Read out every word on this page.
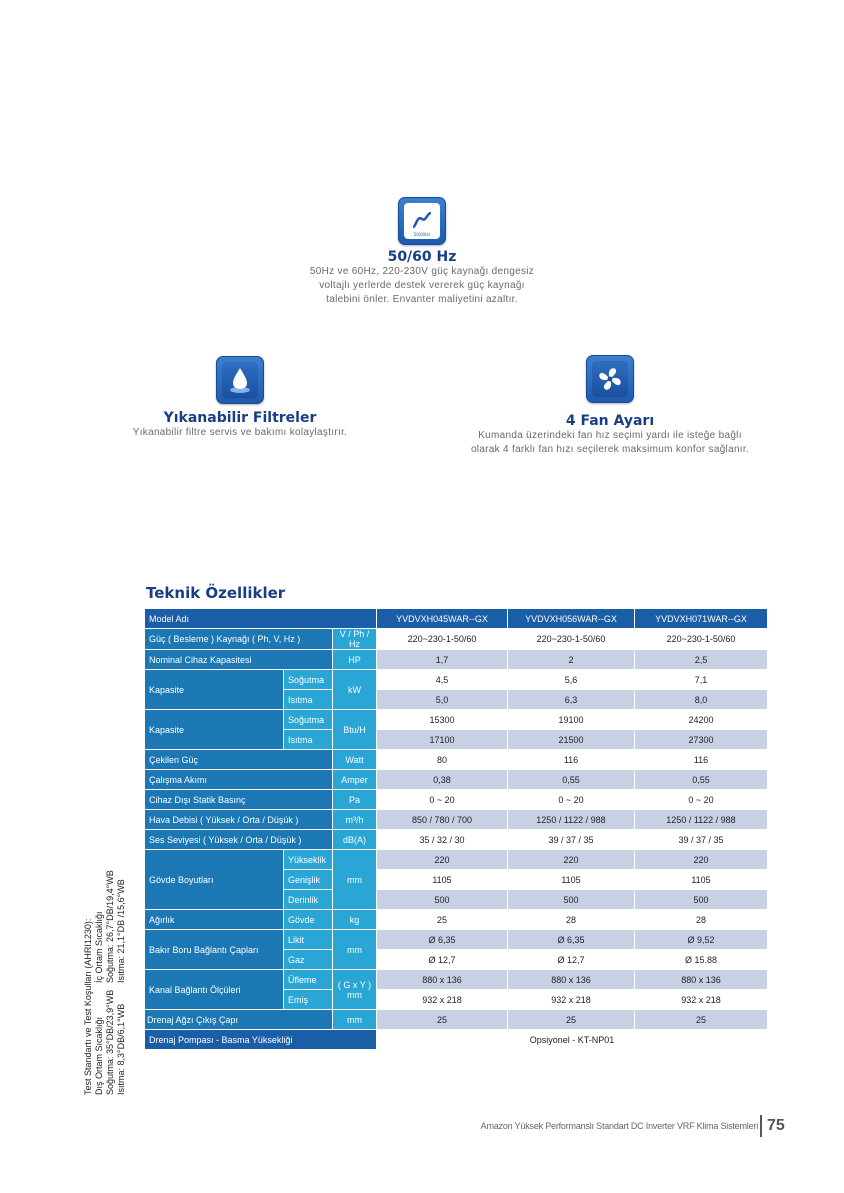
50/60Hz
50/60 Hz
50Hz ve 60Hz, 220-230V güç kaynağı dengesiz
voltajlı yerlerde destek vererek güç kaynağı
talebini önler. Envanter maliyetini azaltır.
Yıkanabilir Filtreler
Yıkanabilir filtre servis ve bakımı kolaylaştırır.
4 Fan Ayarı
Kumanda üzerindeki fan hız seçimi yardı ile isteğe bağlı
olarak 4 farklı fan hızı seçilerek maksimum konfor sağlanır.
Teknik Özellikler
Model Adı			YVDVXH045WAR--GX	YVDVXH056WAR--GX	YVDVXH071WAR--GX
Güç ( Besleme ) Kaynağı ( Ph, V, Hz )		V / Ph / Hz	220~230-1-50/60	220~230-1-50/60	220~230-1-50/60
Nominal Cihaz Kapasitesi		HP	1,7	2	2,5
Kapasite	Soğutma	kW	4,5	5,6	7,1
	Isıtma		5,0	6,3	8,0
Kapasite	Soğutma	Btu/H	15300	19100	24200
	Isıtma		17100	21500	27300
Çekilen Güç		Watt	80	116	116
Çalışma Akımı		Amper	0,38	0,55	0,55
Cihaz Dışı Statik Basınç		Pa	0 ~ 20	0 ~ 20	0 ~ 20
Hava Debisi ( Yüksek / Orta / Düşük )		m³/h	850 / 780 / 700	1250 / 1122 / 988	1250 / 1122 / 988
Ses Seviyesi ( Yüksek / Orta / Düşük )		dB(A)	35 / 32 / 30	39 / 37 / 35	39 / 37 / 35
Gövde Boyutları	Yükseklik	mm	220	220	220
	Genişlik		1105	1105	1105
	Derinlik		500	500	500
Ağırlık	Gövde	kg	25	28	28
Bakır Boru Bağlantı Çapları	Likit	mm	Ø 6,35	Ø 6,35	Ø 9,52
	Gaz		Ø 12,7	Ø 12,7	Ø 15.88
Kanal Bağlantı Ölçüleri	Üfleme	( G x Y ) mm	880 x 136	880 x 136	880 x 136
	Emiş		932 x 218	932 x 218	932 x 218
Drenaj Ağzı Çıkış Çapı		mm	25	25	25
Drenaj Pompası - Basma Yüksekliği			Opsiyonel - KT-NP01		
Test Standartı ve Test Koşulları (AHRI1230): Dış Ortam Sıcaklığı
İç Ortam Sıcaklığı
Soğutma: 35°DB/23,9°WB
Soğutma: 26,7°DB/19,4°WB
Isıtma: 8,3°DB/6,1°WB
Isıtma: 21,1°DB /15,6°WB
Amazon Yüksek Performanslı Standart DC Inverter VRF Klima Sistemleri 75
